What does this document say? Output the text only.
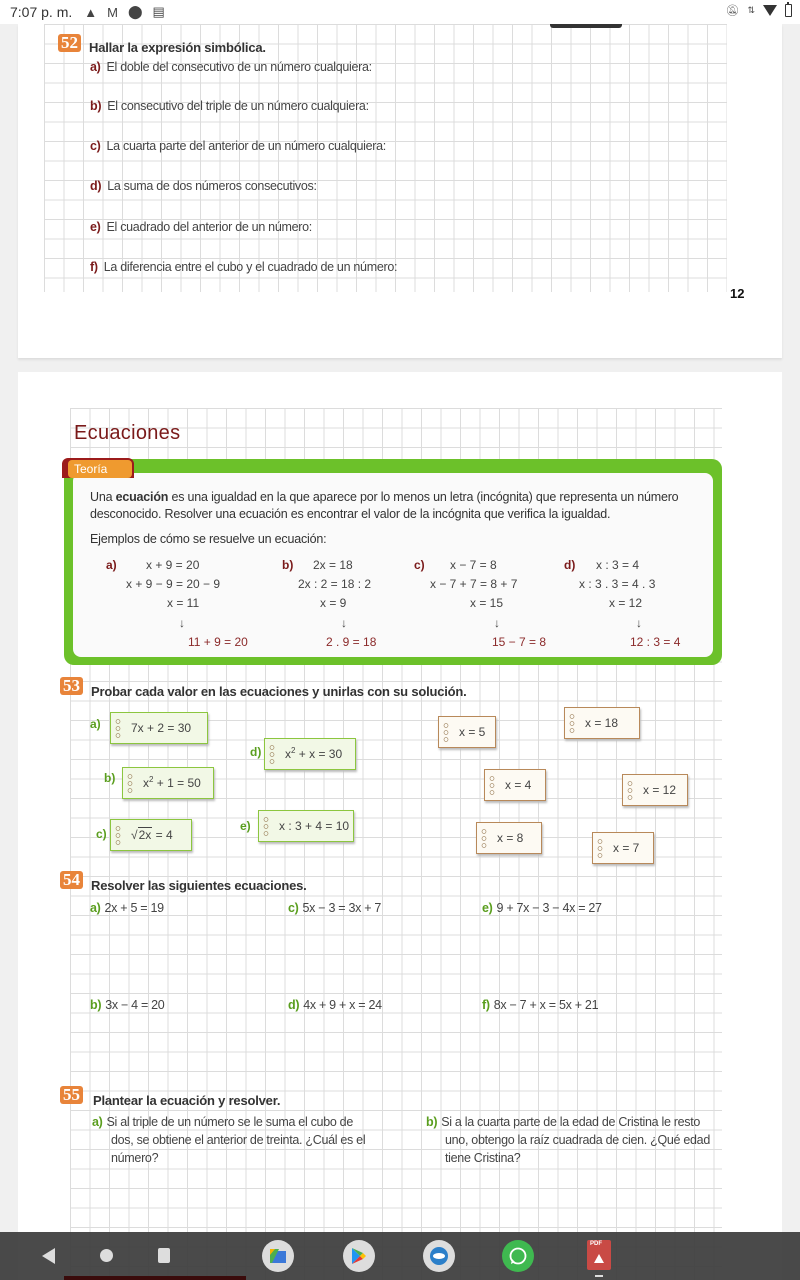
7:07 p. m. ▲ M ⬤ ▤	🔕︎ ⇅
52 Hallar la expresión simbólica.
a) El doble del consecutivo de un número cualquiera:
b) El consecutivo del triple de un número cualquiera:
c) La cuarta parte del anterior de un número cualquiera:
d) La suma de dos números consecutivos:
e) El cuadrado del anterior de un número:
f) La diferencia entre el cubo y el cuadrado de un número:
12
Ecuaciones
Teoría
Una ecuación es una igualdad en la que aparece por lo menos un letra (incógnita) que representa un número desconocido. Resolver una ecuación es encontrar el valor de la incógnita que verifica la igualdad.
Ejemplos de cómo se resuelve un ecuación:
a) x + 9 = 20
x + 9 − 9 = 20 − 9
x = 11
↓
11 + 9 = 20
b) 2x = 18
2x : 2 = 18 : 2
x = 9
↓
2 . 9 = 18
c) x − 7 = 8
x − 7 + 7 = 8 + 7
x = 15
↓
15 − 7 = 8
d) x : 3 = 4
x : 3 . 3 = 4 . 3
x = 12
↓
12 : 3 = 4
53 Probar cada valor en las ecuaciones y unirlas con su solución.
a)	7x + 2 = 30
b)	$x^2 + 1 = 50$
c)	√2x = 4
d)	$x^2 + x = 30$
e)	x : 3 + 4 = 10
x = 5
x = 18
x = 4	x = 12
x = 8
x = 7
54 Resolver las siguientes ecuaciones.
a) 2x + 5 = 19	c) 5x − 3 = 3x + 7	e) 9 + 7x − 3 − 4x = 27
b) 3x − 4 = 20	d) 4x + 9 + x = 24	f) 8x − 7 + x = 5x + 21
55 Plantear la ecuación y resolver.
a) Si al triple de un número se le suma el cubo de
dos, se obtiene el anterior de treinta. ¿Cuál es el
número?
b) Si a la cuarta parte de la edad de Cristina le resto
uno, obtengo la raíz cuadrada de cien. ¿Qué edad
tiene Cristina?
PDF
